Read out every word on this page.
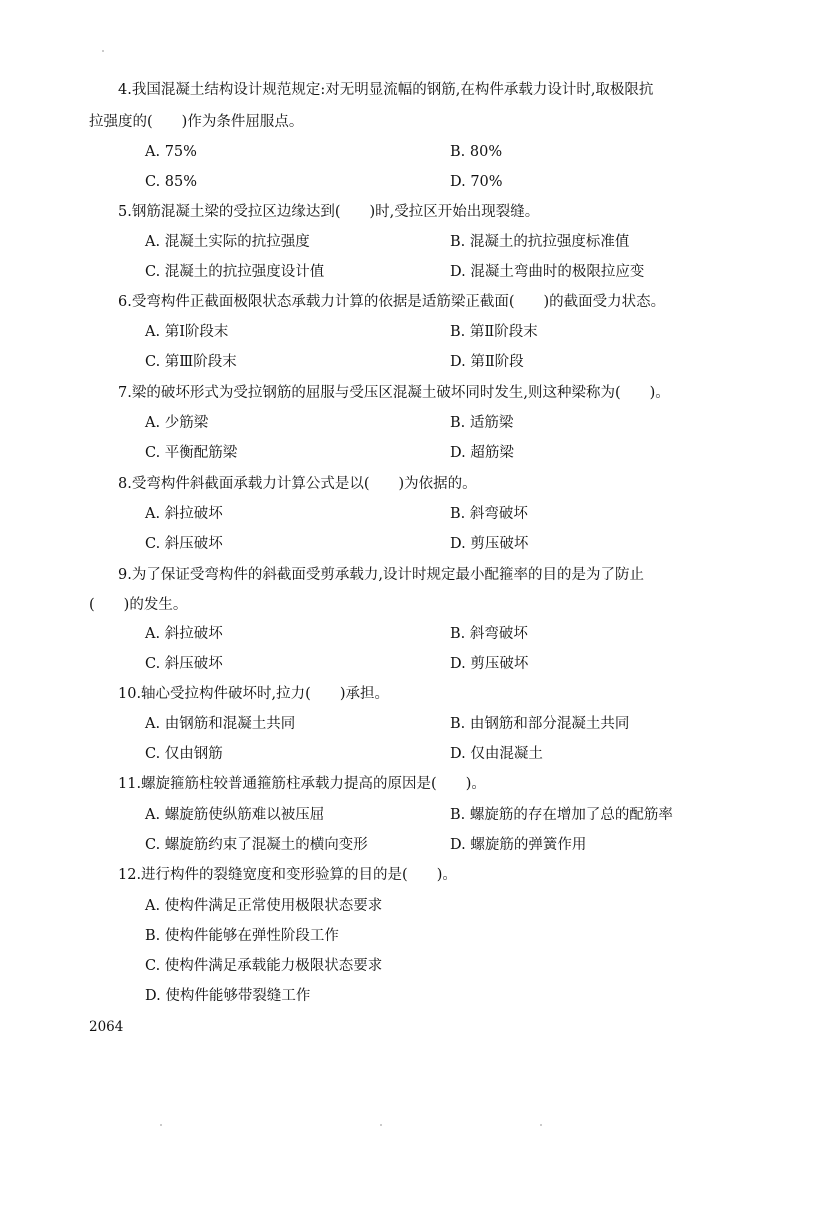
4.我国混凝土结构设计规范规定:对无明显流幅的钢筋,在构件承载力设计时,取极限抗
拉强度的(　　)作为条件屈服点。
A. 75%	B. 80%
C. 85%	D. 70%
5.钢筋混凝土梁的受拉区边缘达到(　　)时,受拉区开始出现裂缝。
A. 混凝土实际的抗拉强度	B. 混凝土的抗拉强度标准值
C. 混凝土的抗拉强度设计值	D. 混凝土弯曲时的极限拉应变
6.受弯构件正截面极限状态承载力计算的依据是适筋梁正截面(　　)的截面受力状态。
A. 第Ⅰ阶段末	B. 第Ⅱ阶段末
C. 第Ⅲ阶段末	D. 第Ⅱ阶段
7.梁的破坏形式为受拉钢筋的屈服与受压区混凝土破坏同时发生,则这种梁称为(　　)。
A. 少筋梁	B. 适筋梁
C. 平衡配筋梁	D. 超筋梁
8.受弯构件斜截面承载力计算公式是以(　　)为依据的。
A. 斜拉破坏	B. 斜弯破坏
C. 斜压破坏	D. 剪压破坏
9.为了保证受弯构件的斜截面受剪承载力,设计时规定最小配箍率的目的是为了防止
(　　)的发生。
A. 斜拉破坏	B. 斜弯破坏
C. 斜压破坏	D. 剪压破坏
10.轴心受拉构件破坏时,拉力(　　)承担。
A. 由钢筋和混凝土共同	B. 由钢筋和部分混凝土共同
C. 仅由钢筋	D. 仅由混凝土
11.螺旋箍筋柱较普通箍筋柱承载力提高的原因是(　　)。
A. 螺旋筋使纵筋难以被压屈	B. 螺旋筋的存在增加了总的配筋率
C. 螺旋筋约束了混凝土的横向变形	D. 螺旋筋的弹簧作用
12.进行构件的裂缝宽度和变形验算的目的是(　　)。
A. 使构件满足正常使用极限状态要求
B. 使构件能够在弹性阶段工作
C. 使构件满足承载能力极限状态要求
D. 使构件能够带裂缝工作
2064
